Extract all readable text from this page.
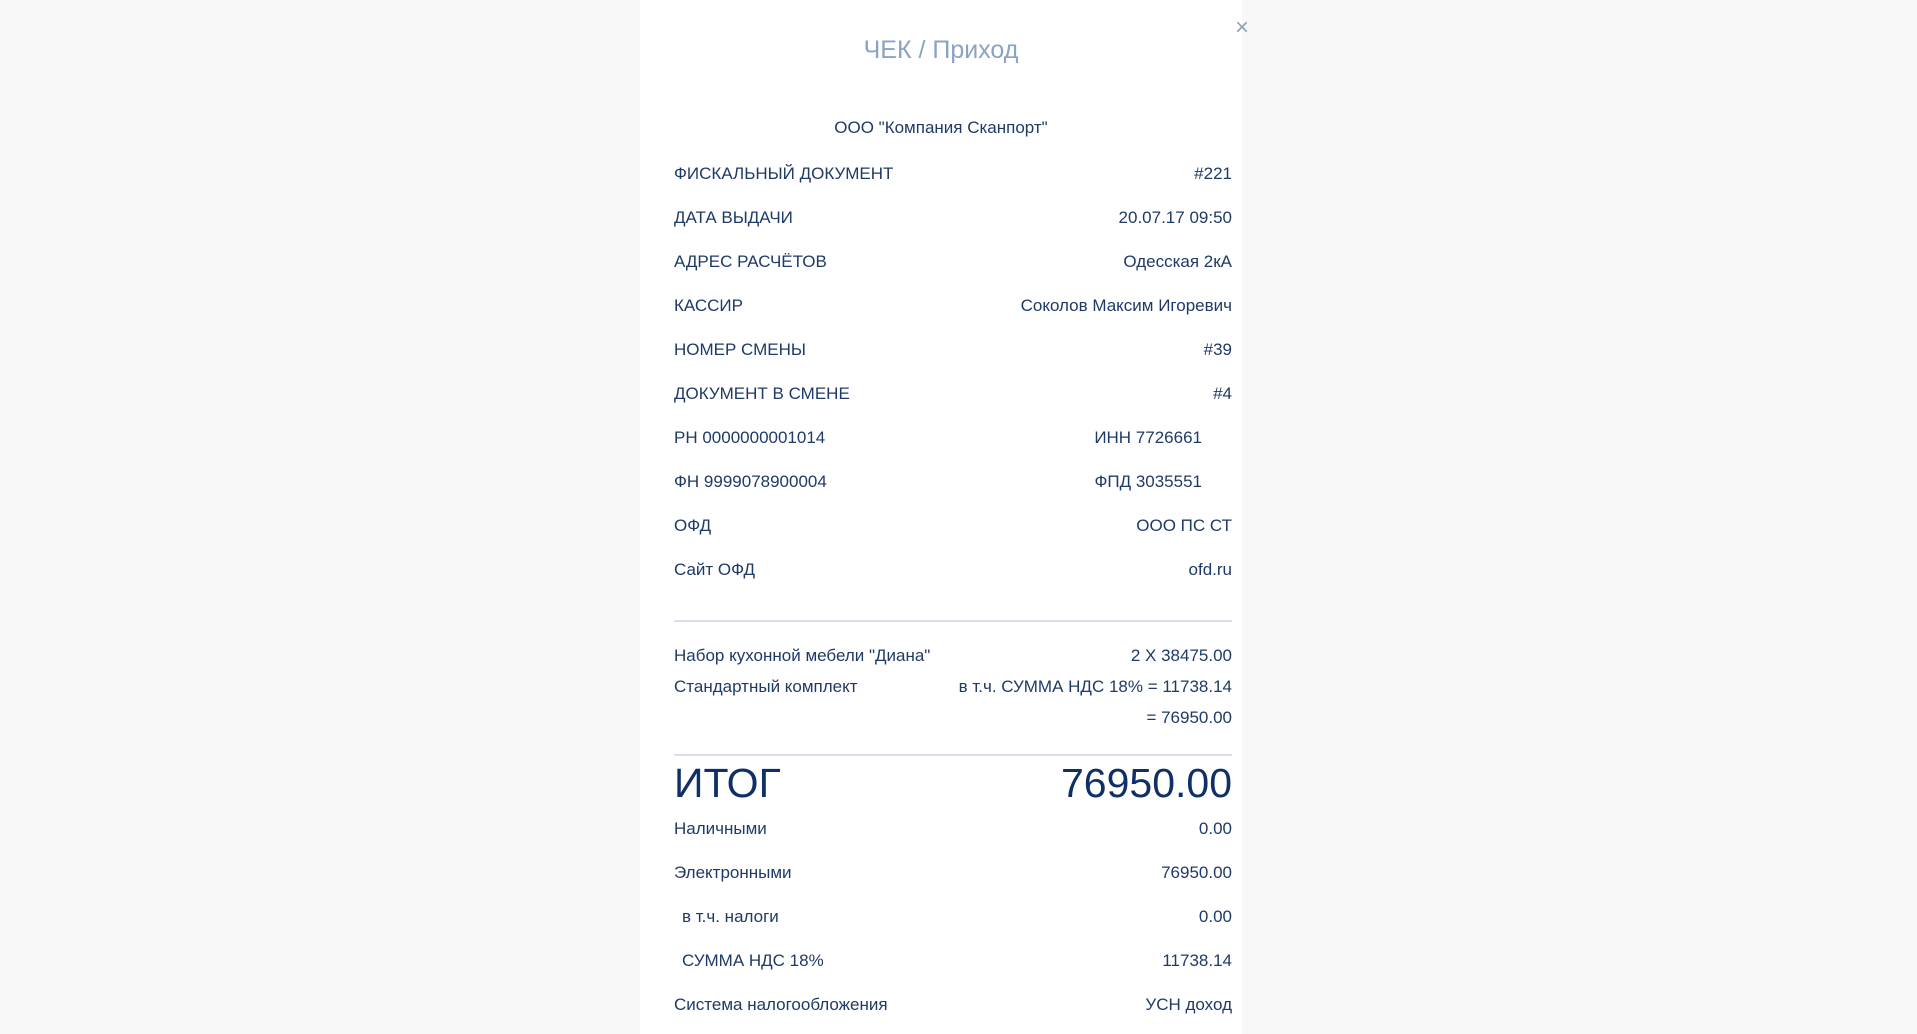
×
ЧЕК / Приход
ООО "Компания Сканпорт"
ФИСКАЛЬНЫЙ ДОКУМЕНТ	#221
ДАТА ВЫДАЧИ	20.07.17 09:50
АДРЕС РАСЧЁТОВ	Одесская 2кА
КАССИР	Соколов Максим Игоревич
НОМЕР СМЕНЫ	#39
ДОКУМЕНТ В СМЕНЕ	#4
РН 0000000001014	ИНН 7726661
ФН 9999078900004	ФПД 3035551
ОФД	ООО ПС СТ
Сайт ОФД	ofd.ru
Набор кухонной мебели "Диана"	2 X 38475.00
Стандартный комплект	в т.ч. СУММА НДС 18% = 11738.14
= 76950.00
ИТОГ	76950.00
Наличными	0.00
Электронными	76950.00
в т.ч. налоги	0.00
СУММА НДС 18%	11738.14
Система налогообложения	УСН доход
